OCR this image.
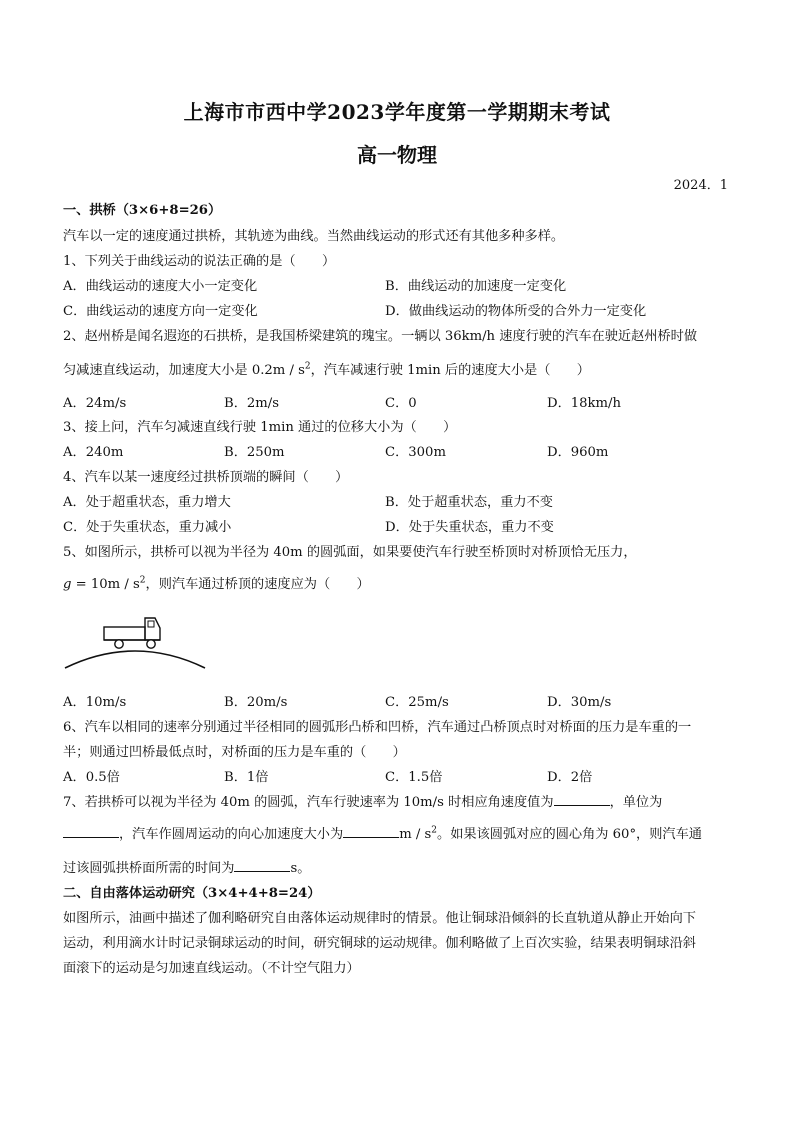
上海市市西中学2023学年度第一学期期末考试
高一物理
2024．1
一、拱桥（3×6+8=26）
汽车以一定的速度通过拱桥，其轨迹为曲线。当然曲线运动的形式还有其他多种多样。
1、下列关于曲线运动的说法正确的是（　　）
A．曲线运动的速度大小一定变化	B．曲线运动的加速度一定变化
C．曲线运动的速度方向一定变化	D．做曲线运动的物体所受的合外力一定变化
2、赵州桥是闻名遐迩的石拱桥，是我国桥梁建筑的瑰宝。一辆以 36km/h 速度行驶的汽车在驶近赵州桥时做
匀减速直线运动，加速度大小是 $0.2m / s^2$，汽车减速行驶 1min 后的速度大小是（　　）
A．24m/s	B．2m/s	C．0	D．18km/h
3、接上问，汽车匀减速直线行驶 1min 通过的位移大小为（　　）
A．240m	B．250m	C．300m	D．960m
4、汽车以某一速度经过拱桥顶端的瞬间（　　）
A．处于超重状态，重力增大	B．处于超重状态，重力不变
C．处于失重状态，重力减小	D．处于失重状态，重力不变
5、如图所示，拱桥可以视为半径为 40m 的圆弧面，如果要使汽车行驶至桥顶时对桥顶恰无压力，
$g = 10m / s^2$，则汽车通过桥顶的速度应为（　　）
A．10m/s	B．20m/s	C．25m/s	D．30m/s
6、汽车以相同的速率分别通过半径相同的圆弧形凸桥和凹桥，汽车通过凸桥顶点时对桥面的压力是车重的一
半；则通过凹桥最低点时，对桥面的压力是车重的（　　）
A．0.5倍	B．1倍	C．1.5倍	D．2倍
7、若拱桥可以视为半径为 40m 的圆弧，汽车行驶速率为 10m/s 时相应角速度值为	，单位为
，汽车作圆周运动的向心加速度大小为	m / $s^2$。如果该圆弧对应的圆心角为 60°，则汽车通
过该圆弧拱桥面所需的时间为	s。
二、自由落体运动研究（3×4+4+8=24）
如图所示，油画中描述了伽利略研究自由落体运动规律时的情景。他让铜球沿倾斜的长直轨道从静止开始向下
运动，利用滴水计时记录铜球运动的时间，研究铜球的运动规律。伽利略做了上百次实验，结果表明铜球沿斜
面滚下的运动是匀加速直线运动。（不计空气阻力）
